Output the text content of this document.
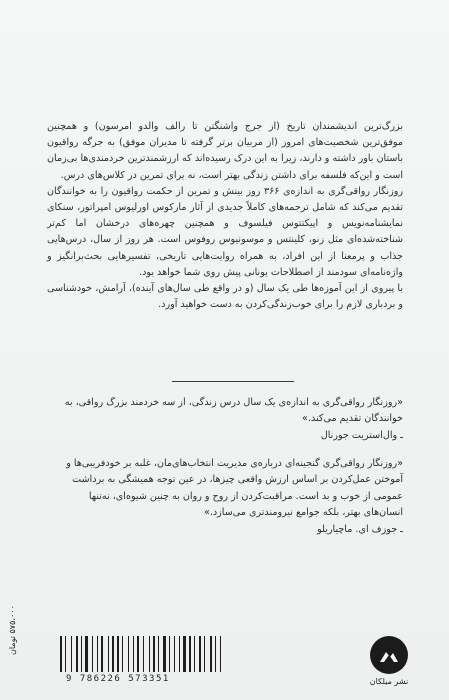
بزرگ‌ترین اندیشمندان تاریخ (از جرج واشنگتن تا رالف والدو امرسون) و همچنین موفق‌ترین شخصیت‌های امروز (از مربیان برتر گرفته تا مدیران موفق) به جرگه رواقیون باستان باور داشته و دارند، زیرا به این درک رسیده‌اند که ارزشمندترین خردمندی‌ها بی‌زمان است و این‌که فلسفه برای داشتن زندگی بهتر است، نه برای تمرین در کلاس‌های درس.

روزنگار رواقی‌گری به اندازه‌ی ۳۶۶ روز بینش و تمرین از حکمت رواقیون را به خوانندگان تقدیم می‌کند که شامل ترجمه‌های کاملاً جدیدی از آثار مارکوس اورلیوس امپراتور، سنکای نمایشنامه‌نویس و اپیکتتوس فیلسوف و همچنین چهره‌های درخشان اما کم‌تر شناخته‌شده‌ای مثل زنو، کلینتس و موسونیوس روفوس است. هر روز از سال، درس‌هایی جذاب و پرمعنا از این افراد، به همراه روایت‌هایی تاریخی، تفسیرهایی بحث‌برانگیز و واژه‌نامه‌ای سودمند از اصطلاحات یونانی پیش روی شما خواهد بود.

با پیروی از این آموزه‌ها طی یک سال (و در واقع طی سال‌های آینده)، آرامش، خودشناسی و بردباری لازم را برای خوب‌زندگی‌کردن به دست خواهید آورد.

«روزنگار رواقی‌گری به اندازه‌ی یک سال درس زندگی، از سه خردمند بزرگ رواقی، به خوانندگان تقدیم می‌کند.»
ـ وال‌استریت جورنال
«روزنگار رواقی‌گری گنجینه‌ای درباره‌ی مدیریت انتخاب‌های‌مان، غلبه بر خودفریبی‌ها و آموختن عمل‌کردن بر اساس ارزش واقعی چیزها، در عین توجه همیشگی به برداشت عمومی از خوب و بد است. مراقبت‌کردن از روح و روان به چنین شیوه‌ای، نه‌تنها انسان‌های بهتر، بلکه جوامع نیرومندتری می‌سازد.»
ـ جوزف ای. ماچیاریلو
۵۷۵،۰۰۰ تومان
9 786226 573351	نشر میلکان
